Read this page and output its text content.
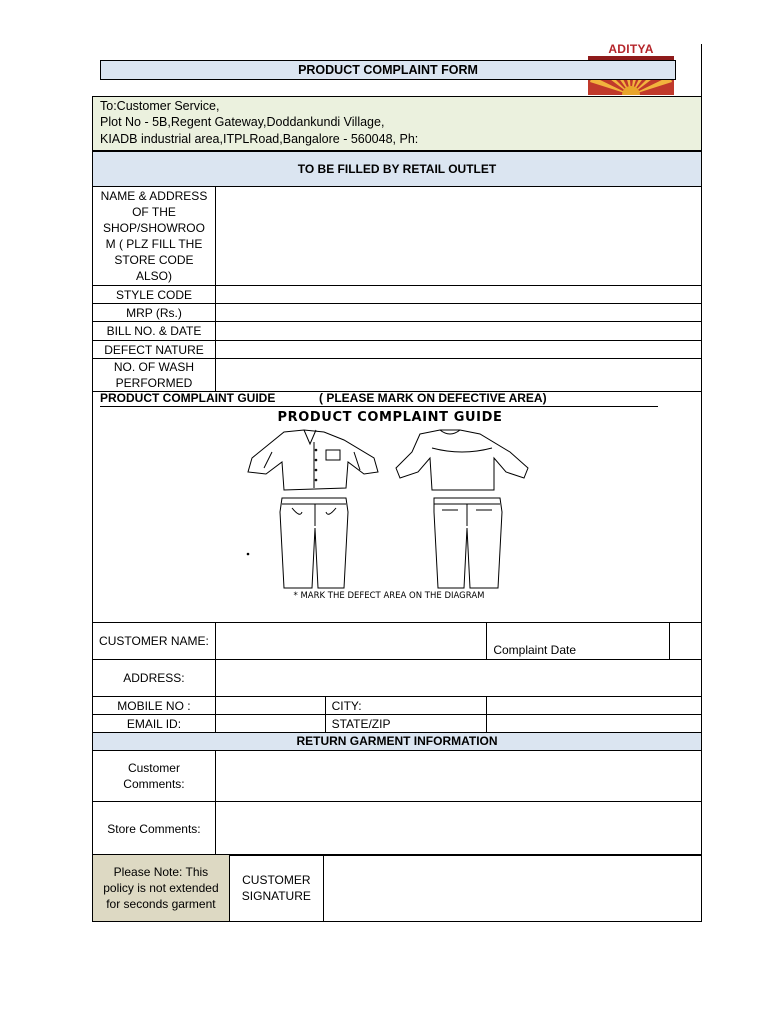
ADITYA
PRODUCT COMPLAINT FORM
To:Customer Service,
Plot No - 5B,Regent Gateway,Doddankundi Village,
KIADB industrial area,ITPLRoad,Bangalore - 560048, Ph:
TO BE FILLED BY RETAIL OUTLET
NAME & ADDRESS OF THE SHOP/SHOWROO M ( PLZ FILL THE STORE CODE ALSO)	
STYLE CODE	
MRP (Rs.)	
BILL NO. & DATE	
DEFECT NATURE	
NO. OF WASH PERFORMED	
PRODUCT COMPLAINT GUIDE	( PLEASE MARK ON DEFECTIVE AREA)
PRODUCT COMPLAINT GUIDE
* MARK THE DEFECT AREA ON THE DIAGRAM
CUSTOMER NAME:			Complaint Date	
ADDRESS:				
MOBILE NO :		CITY:		
EMAIL ID:		STATE/ZIP		
RETURN GARMENT INFORMATION
Customer Comments:	
Store Comments:	
Please Note: This policy is not extended for seconds garment	CUSTOMER SIGNATURE	
